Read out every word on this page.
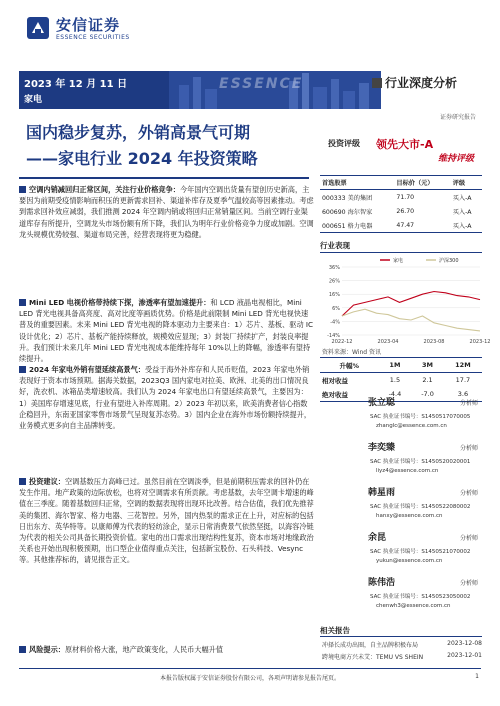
安信证券
ESSENCE SECURITIES
2023 年 12 月 11 日
家电
ESSENCE	行业深度分析
证券研究报告
国内稳步复苏，外销高景气可期
——家电行业 2024 年投资策略
投资评级 领先大市-A
维持评级
空调内销减回归正常区间，关注行业价格竞争：今年国内空调出货量有望创历史新高，主要因为前期受疫情影响而积压的更新需求回补、渠道补库存及夏季气温较高等因素推动。考虑到需求回补效应减弱，我们推测 2024 年空调内销或将回归正常销量区间。当前空调行业渠道库存有所提升，空调龙头市场份额有所下降，我们认为明年行业价格竞争力度或加剧。空调龙头规模优势较强、渠道布局完善，经营表现将更为稳健。
Mini LED 电视价格带持续下探，渗透率有望加速提升：和 LCD 液晶电视相比，Mini LED 背光电视具备高亮度、高对比度等画质优势。价格是此前限制 Mini LED 背光电视快速普及的重要因素。未来 Mini LED 背光电视的降本驱动力主要来自：1）芯片、基板、驱动 IC 设计优化；2）芯片、基板产能持续释放，规模效应显现；3）封装厂持续扩产，封装良率提升。我们预计未来几年 Mini LED 背光电视成本能维持每年 10%以上的降幅，渗透率有望持续提升。
2024 年家电外销有望延续高景气：受益于海外补库存和人民币贬值，2023 年家电外销表现好于资本市场预期。据海关数据，2023Q3 国内家电对拉美、欧洲、北美的出口情况良好，洗衣机、冰箱品类增速较高。我们认为 2024 年家电出口有望延续高景气，主要因为：1）美国库存增速见底，行业有望进入补库周期。2）2023 年初以来，欧美消费者信心指数企稳回升，东南亚国家零售市场景气呈现复苏态势。3）国内企业在海外市场份额持续提升，业务模式更多向自主品牌转变。
投资建议：空调基数压力高峰已过。虽然目前在空调淡季，但是前期积压需求的回补仍在发生作用。地产政策的边际放松，也将对空调需求有所贡献。考虑基数，去年空调卡增速的峰值在三季度。随着基数回归正常，空调的数据表现将出现环比改善。结合估值，我们优先推荐美的集团、海尔智家、格力电器、三花智控。另外，国内热泵的需求正在上升，对应标的包括日出东方、英华特等。以康师傅为代表的轻纺涂企，显示日常消费景气依然坚挺，以海容冷链为代表的相关公司具备长期投资价值。家电的出口需求出现结构性复苏，资本市场对地缘政治关系也开始出现积极预期，出口型企业值得重点关注，包括新宝股份、石头科技、Vesync 等。其他推荐标的，请见报告正文。
风险提示：原材料价格大涨，地产政策变化，人民币大幅升值
首选股票	目标价（元）	评级
000333 美的集团	71.70	买入-A
600690 海尔智家	26.70	买入-A
000651 格力电器	47.47	买入-A
行业表现
36%
26%
16%
6%
-4%
-14%
2022-12	2023-04	2023-08	2023-12
家电	沪深300
资料来源：Wind 资讯
升幅%	1M	3M	12M
相对收益	1.5	2.1	17.7
绝对收益	-4.4	-7.0	3.6
张立聪	分析师
SAC 执业证书编号：S1450517070005
zhanglc@essence.com.cn
李奕臻	分析师
SAC 执业证书编号：S1450520020001
liyz4@essence.com.cn
韩星雨	分析师
SAC 执业证书编号：S1450522080002
hanxy@essence.com.cn
余昆	分析师
SAC 执业证书编号：S1450521070002
yukun@essence.com.cn
陈伟浩	分析师
SAC 执业证书编号：S1450523050002
chenwh3@essence.com.cn
相关报告
冲择长成功出圈，自主品牌积极布局	2023-12-08
跨境电商方兴未艾：TEMU VS SHEIN	2023-12-01
本报告版权属于安信证券股份有限公司，各项声明请参见报告尾页。	1
